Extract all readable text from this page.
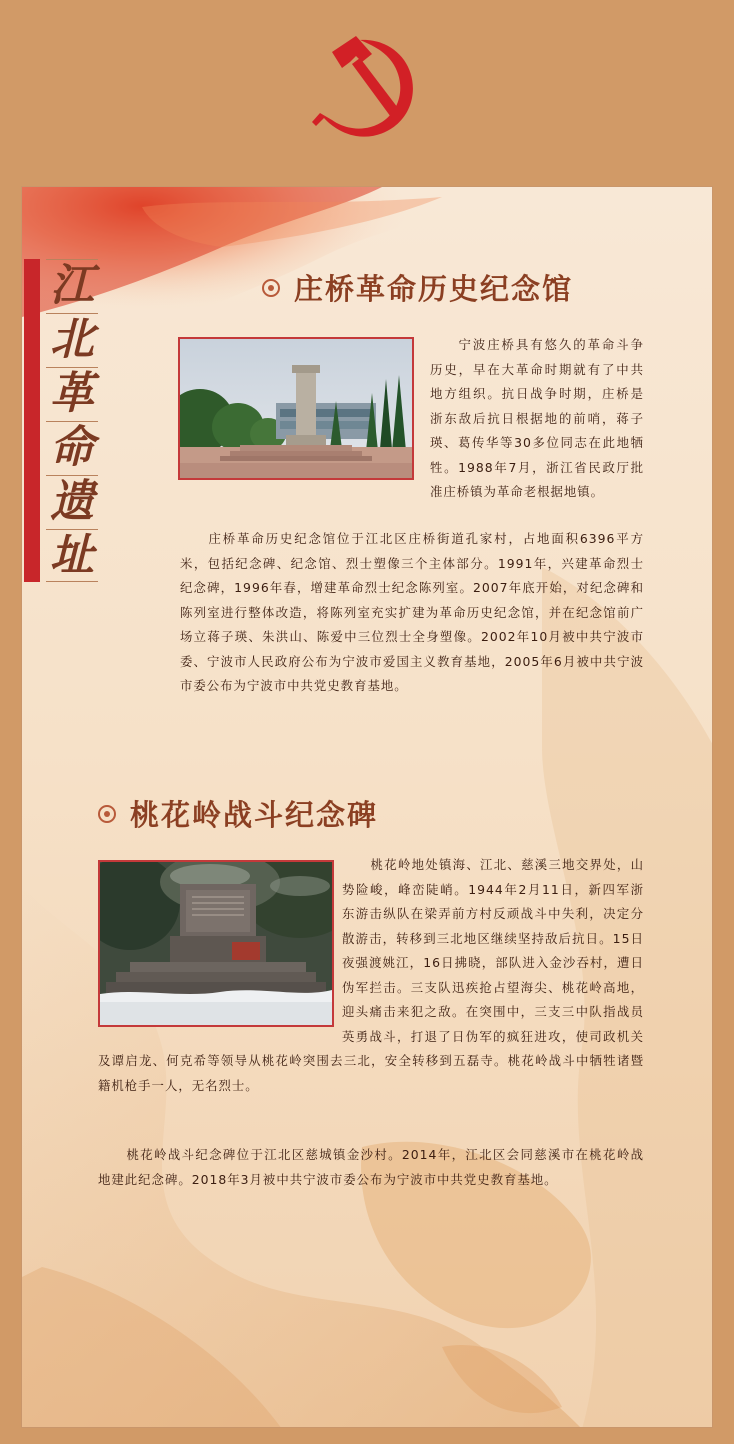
江
北
革
命
遗
址
庄桥革命历史纪念馆
宁波庄桥具有悠久的革命斗争历史，早在大革命时期就有了中共地方组织。抗日战争时期，庄桥是浙东敌后抗日根据地的前哨，蒋子瑛、葛传华等30多位同志在此地牺牲。1988年7月，浙江省民政厅批准庄桥镇为革命老根据地镇。
庄桥革命历史纪念馆位于江北区庄桥街道孔家村，占地面积6396平方米，包括纪念碑、纪念馆、烈士塑像三个主体部分。1991年，兴建革命烈士纪念碑，1996年春，增建革命烈士纪念陈列室。2007年底开始，对纪念碑和陈列室进行整体改造，将陈列室充实扩建为革命历史纪念馆，并在纪念馆前广场立蒋子瑛、朱洪山、陈爱中三位烈士全身塑像。2002年10月被中共宁波市委、宁波市人民政府公布为宁波市爱国主义教育基地，2005年6月被中共宁波市委公布为宁波市中共党史教育基地。
桃花岭战斗纪念碑
桃花岭地处镇海、江北、慈溪三地交界处，山势险峻，峰峦陡峭。1944年2月11日，新四军浙东游击纵队在梁弄前方村反顽战斗中失利，决定分散游击，转移到三北地区继续坚持敌后抗日。15日夜强渡姚江，16日拂晓，部队进入金沙吞村，遭日伪军拦击。三支队迅疾抢占望海尖、桃花岭高地，迎头痛击来犯之敌。在突围中，三支三中队指战员英勇战斗，打退了日伪军的疯狂进攻，使司政机关及谭启龙、何克希等领导从桃花岭突围去三北，安全转移到五磊寺。桃花岭战斗中牺牲诸暨籍机枪手一人，无名烈士。
桃花岭战斗纪念碑位于江北区慈城镇金沙村。2014年，江北区会同慈溪市在桃花岭战地建此纪念碑。2018年3月被中共宁波市委公布为宁波市中共党史教育基地。
